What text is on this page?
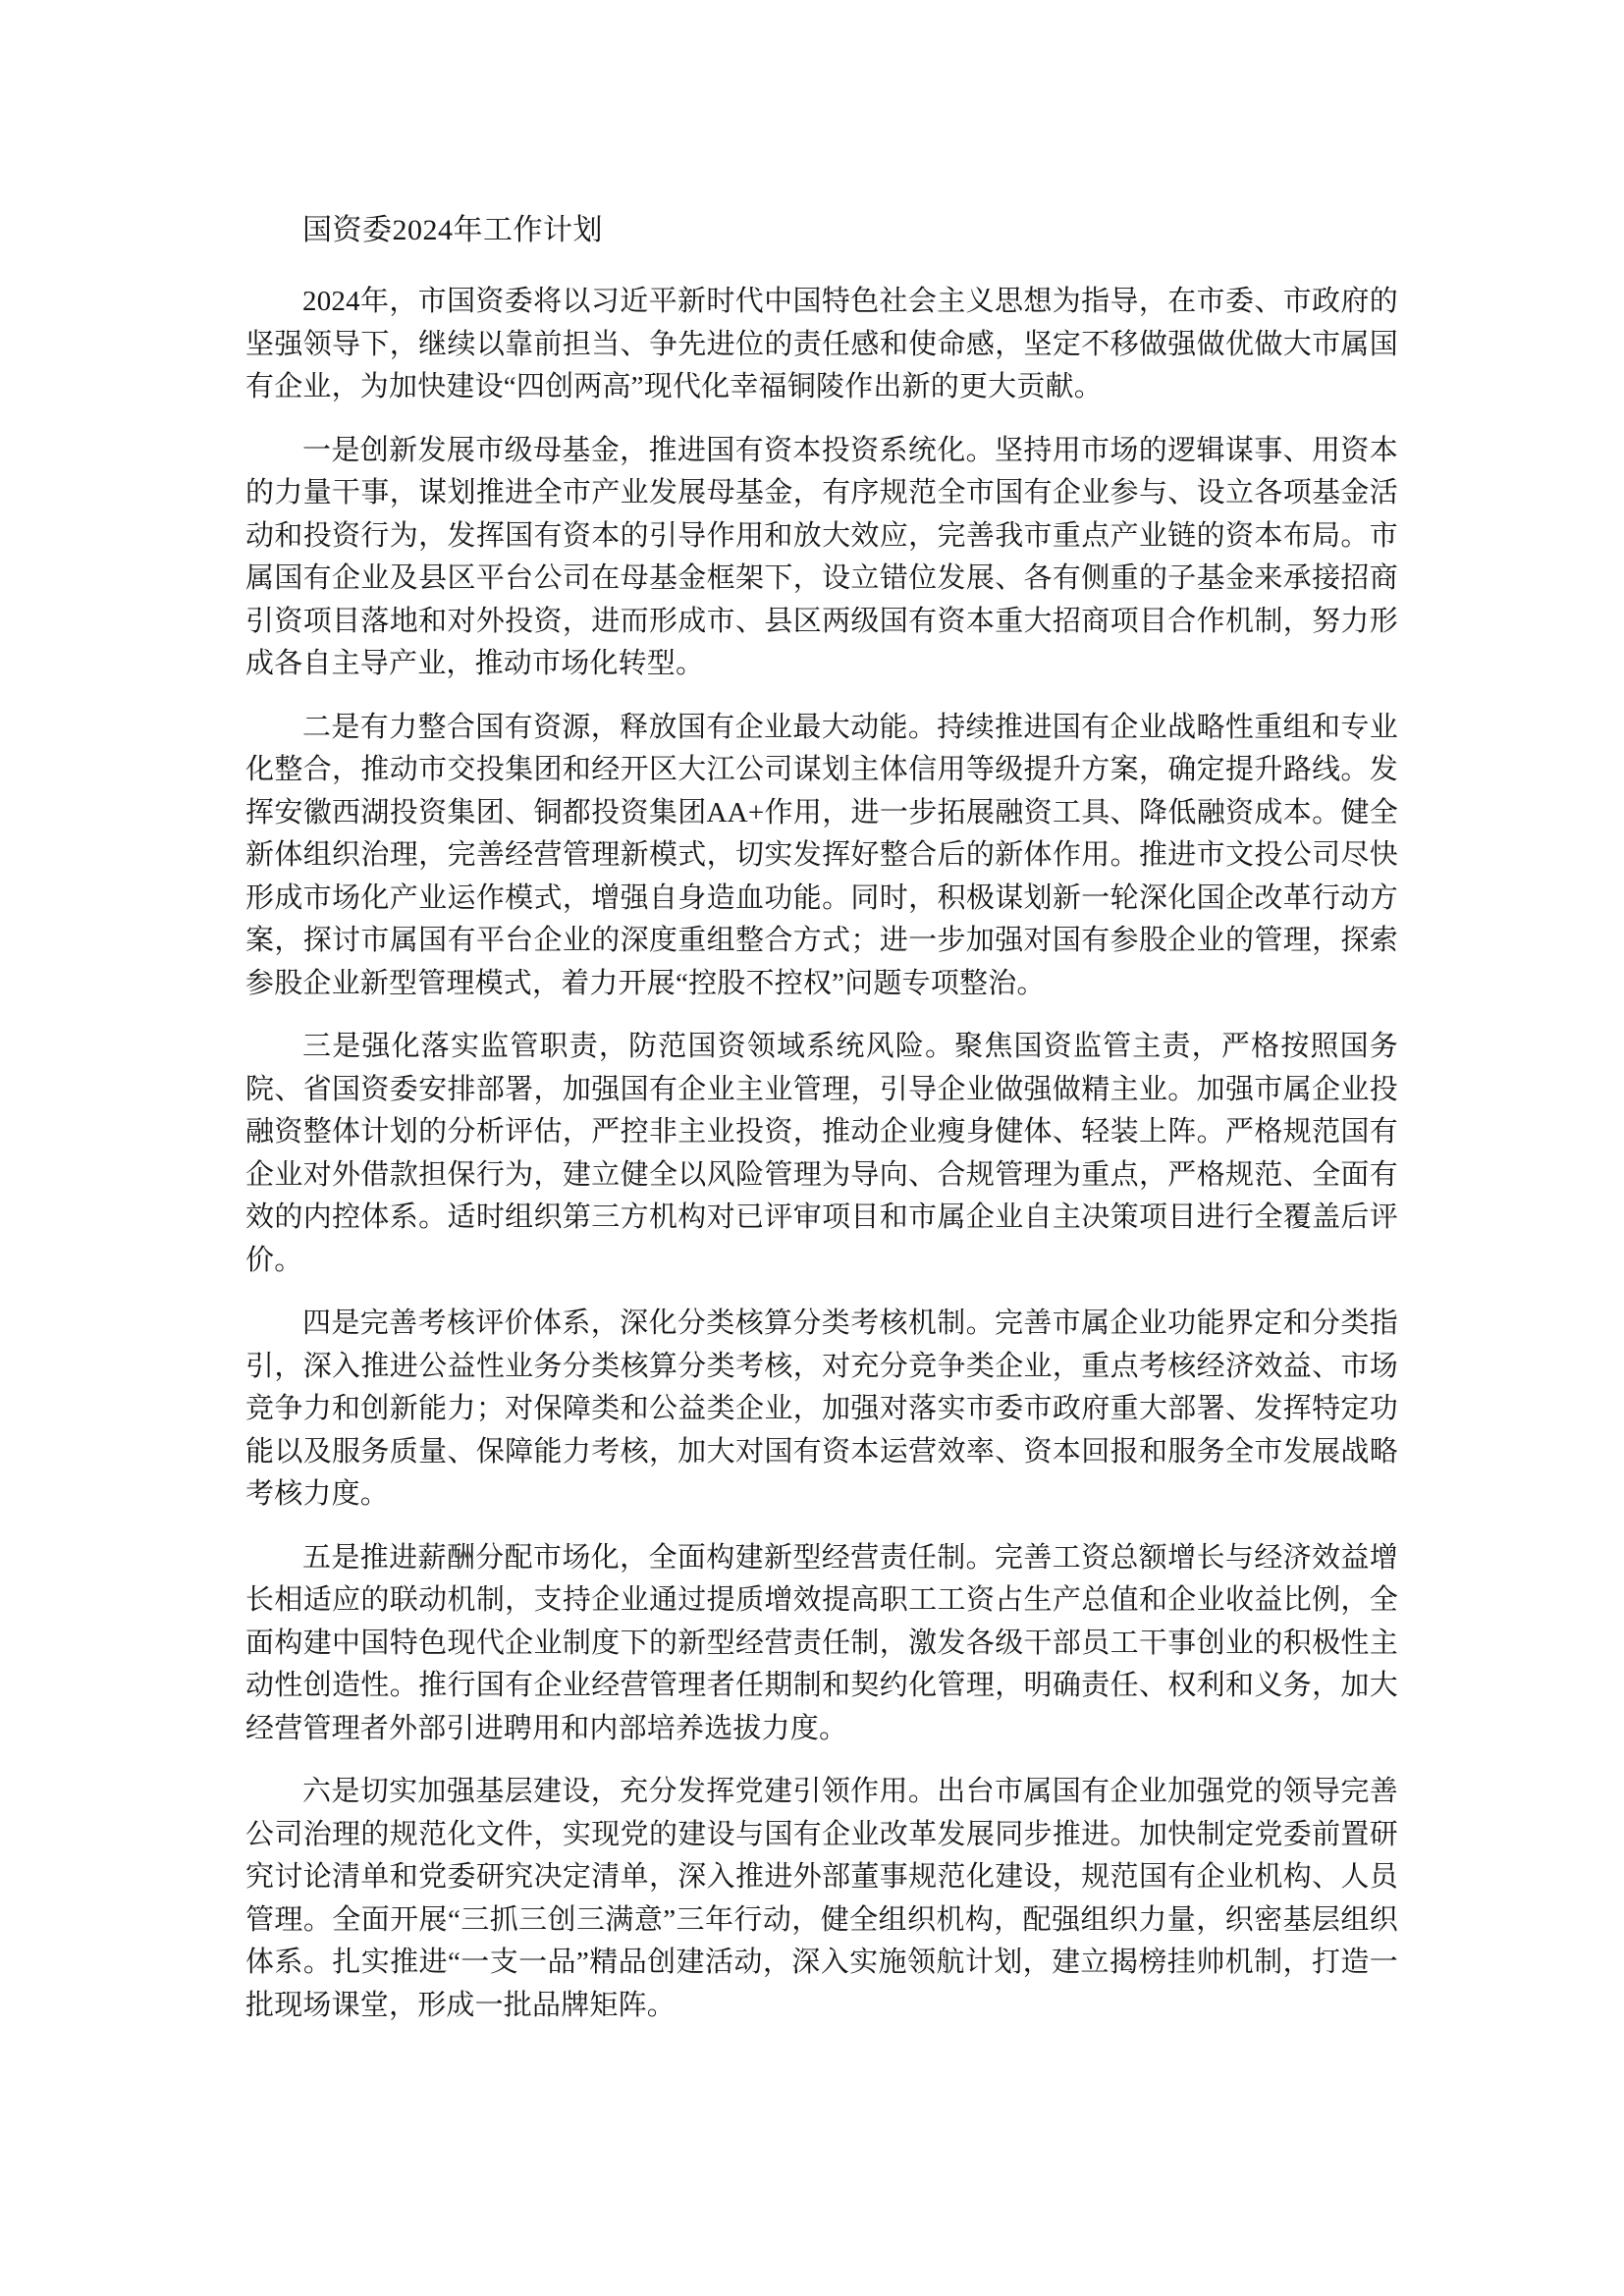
国资委2024年工作计划

2024年，市国资委将以习近平新时代中国特色社会主义思想为指导，在市委、市政府的坚强领导下，继续以靠前担当、争先进位的责任感和使命感，坚定不移做强做优做大市属国有企业，为加快建设“四创两高”现代化幸福铜陵作出新的更大贡献。

一是创新发展市级母基金，推进国有资本投资系统化。坚持用市场的逻辑谋事、用资本的力量干事，谋划推进全市产业发展母基金，有序规范全市国有企业参与、设立各项基金活动和投资行为，发挥国有资本的引导作用和放大效应，完善我市重点产业链的资本布局。市属国有企业及县区平台公司在母基金框架下，设立错位发展、各有侧重的子基金来承接招商引资项目落地和对外投资，进而形成市、县区两级国有资本重大招商项目合作机制，努力形成各自主导产业，推动市场化转型。

二是有力整合国有资源，释放国有企业最大动能。持续推进国有企业战略性重组和专业化整合，推动市交投集团和经开区大江公司谋划主体信用等级提升方案，确定提升路线。发挥安徽西湖投资集团、铜都投资集团AA+作用，进一步拓展融资工具、降低融资成本。健全新体组织治理，完善经营管理新模式，切实发挥好整合后的新体作用。推进市文投公司尽快形成市场化产业运作模式，增强自身造血功能。同时，积极谋划新一轮深化国企改革行动方案，探讨市属国有平台企业的深度重组整合方式；进一步加强对国有参股企业的管理，探索参股企业新型管理模式，着力开展“控股不控权”问题专项整治。

三是强化落实监管职责，防范国资领域系统风险。聚焦国资监管主责，严格按照国务院、省国资委安排部署，加强国有企业主业管理，引导企业做强做精主业。加强市属企业投融资整体计划的分析评估，严控非主业投资，推动企业瘦身健体、轻装上阵。严格规范国有企业对外借款担保行为，建立健全以风险管理为导向、合规管理为重点，严格规范、全面有效的内控体系。适时组织第三方机构对已评审项目和市属企业自主决策项目进行全覆盖后评价。

四是完善考核评价体系，深化分类核算分类考核机制。完善市属企业功能界定和分类指引，深入推进公益性业务分类核算分类考核，对充分竞争类企业，重点考核经济效益、市场竞争力和创新能力；对保障类和公益类企业，加强对落实市委市政府重大部署、发挥特定功能以及服务质量、保障能力考核，加大对国有资本运营效率、资本回报和服务全市发展战略考核力度。

五是推进薪酬分配市场化，全面构建新型经营责任制。完善工资总额增长与经济效益增长相适应的联动机制，支持企业通过提质增效提高职工工资占生产总值和企业收益比例，全面构建中国特色现代企业制度下的新型经营责任制，激发各级干部员工干事创业的积极性主动性创造性。推行国有企业经营管理者任期制和契约化管理，明确责任、权利和义务，加大经营管理者外部引进聘用和内部培养选拔力度。

六是切实加强基层建设，充分发挥党建引领作用。出台市属国有企业加强党的领导完善公司治理的规范化文件，实现党的建设与国有企业改革发展同步推进。加快制定党委前置研究讨论清单和党委研究决定清单，深入推进外部董事规范化建设，规范国有企业机构、人员管理。全面开展“三抓三创三满意”三年行动，健全组织机构，配强组织力量，织密基层组织体系。扎实推进“一支一品”精品创建活动，深入实施领航计划，建立揭榜挂帅机制，打造一批现场课堂，形成一批品牌矩阵。
